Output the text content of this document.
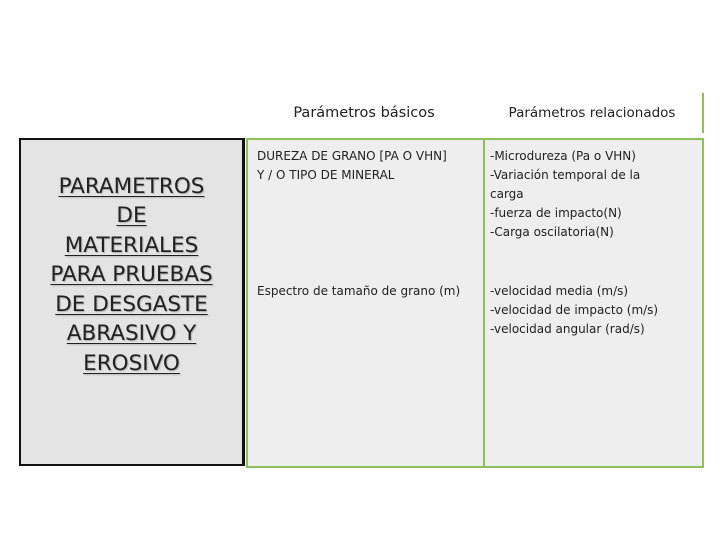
PARAMETROS
DE
MATERIALES
PARA PRUEBAS
DE DESGASTE
ABRASIVO Y
EROSIVO

Parámetros básicos	Parámetros relacionados
DUREZA DE GRANO [PA O VHN]
Y / O TIPO DE MINERAL
-Microdureza (Pa o VHN)
-Variación temporal de la
carga
-fuerza de impacto(N)
-Carga oscilatoria(N)
Espectro de tamaño de grano (m)	-velocidad media (m/s)
-velocidad de impacto (m/s)
-velocidad angular (rad/s)
